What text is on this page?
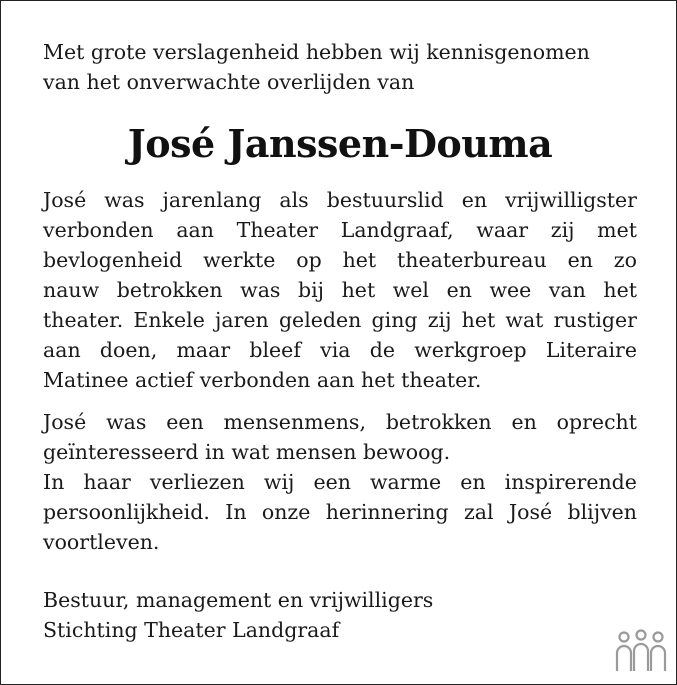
Met grote verslagenheid hebben wij kennisgenomen

van het onverwachte overlijden van

José Janssen-Douma
José was jarenlang als bestuurslid en vrijwilligster
verbonden aan Theater Landgraaf, waar zij met
bevlogenheid werkte op het theaterbureau en zo
nauw betrokken was bij het wel en wee van het
theater. Enkele jaren geleden ging zij het wat rustiger
aan doen, maar bleef via de werkgroep Literaire
Matinee actief verbonden aan het theater.
José was een mensenmens, betrokken en oprecht
geïnteresseerd in wat mensen bewoog.
In haar verliezen wij een warme en inspirerende
persoonlijkheid. In onze herinnering zal José blijven
voortleven.

Bestuur, management en vrijwilligers

Stichting Theater Landgraaf
